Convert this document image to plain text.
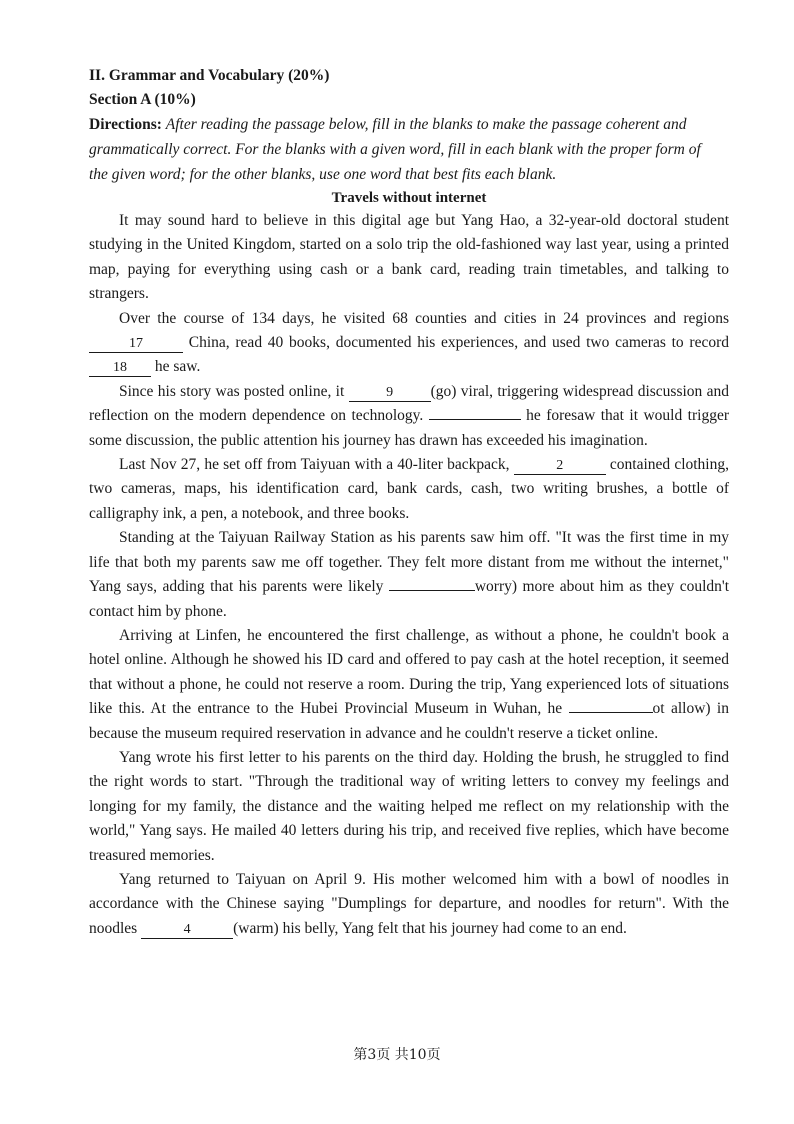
II. Grammar and Vocabulary (20%)

Section A (10%)

Directions: After reading the passage below, fill in the blanks to make the passage coherent and grammatically correct. For the blanks with a given word, fill in each blank with the proper form of the given word; for the other blanks, use one word that best fits each blank.

Travels without internet

It may sound hard to believe in this digital age but Yang Hao, a 32-year-old doctoral student studying in the United Kingdom, started on a solo trip the old-fashioned way last year, using a printed map, paying for everything using cash or a bank card, reading train timetables, and talking to strangers.

Over the course of 134 days, he visited 68 counties and cities in 24 provinces and regions 17	China, read 40 books, documented his experiences, and used two cameras to record 18 he saw.

Since his story was posted online, it	9 (go) viral, triggering widespread discussion and reflection on the modern dependence on technology.	he foresaw that it would trigger some discussion, the public attention his journey has drawn has exceeded his imagination.

Last Nov 27, he set off from Taiyuan with a 40-liter backpack,	2	contained clothing, two cameras, maps, his identification card, bank cards, cash, two writing brushes, a bottle of calligraphy ink, a pen, a notebook, and three books.

Standing at the Taiyuan Railway Station as his parents saw him off. "It was the first time in my life that both my parents saw me off together. They felt more distant from me without the internet," Yang says, adding that his parents were likely	worry) more about him as they couldn't contact him by phone.

Arriving at Linfen, he encountered the first challenge, as without a phone, he couldn't book a hotel online. Although he showed his ID card and offered to pay cash at the hotel reception, it seemed that without a phone, he could not reserve a room. During the trip, Yang experienced lots of situations like this. At the entrance to the Hubei Provincial Museum in Wuhan, he	ot allow) in because the museum required reservation in advance and he couldn't reserve a ticket online.

Yang wrote his first letter to his parents on the third day. Holding the brush, he struggled to find the right words to start. "Through the traditional way of writing letters to convey my feelings and longing for my family, the distance and the waiting helped me reflect on my relationship with the world," Yang says. He mailed 40 letters during his trip, and received five replies, which have become treasured memories.

Yang returned to Taiyuan on April 9. His mother welcomed him with a bowl of noodles in accordance with the Chinese saying "Dumplings for departure, and noodles for return". With the noodles	4	(warm) his belly, Yang felt that his journey had come to an end.

第3页 共10页
